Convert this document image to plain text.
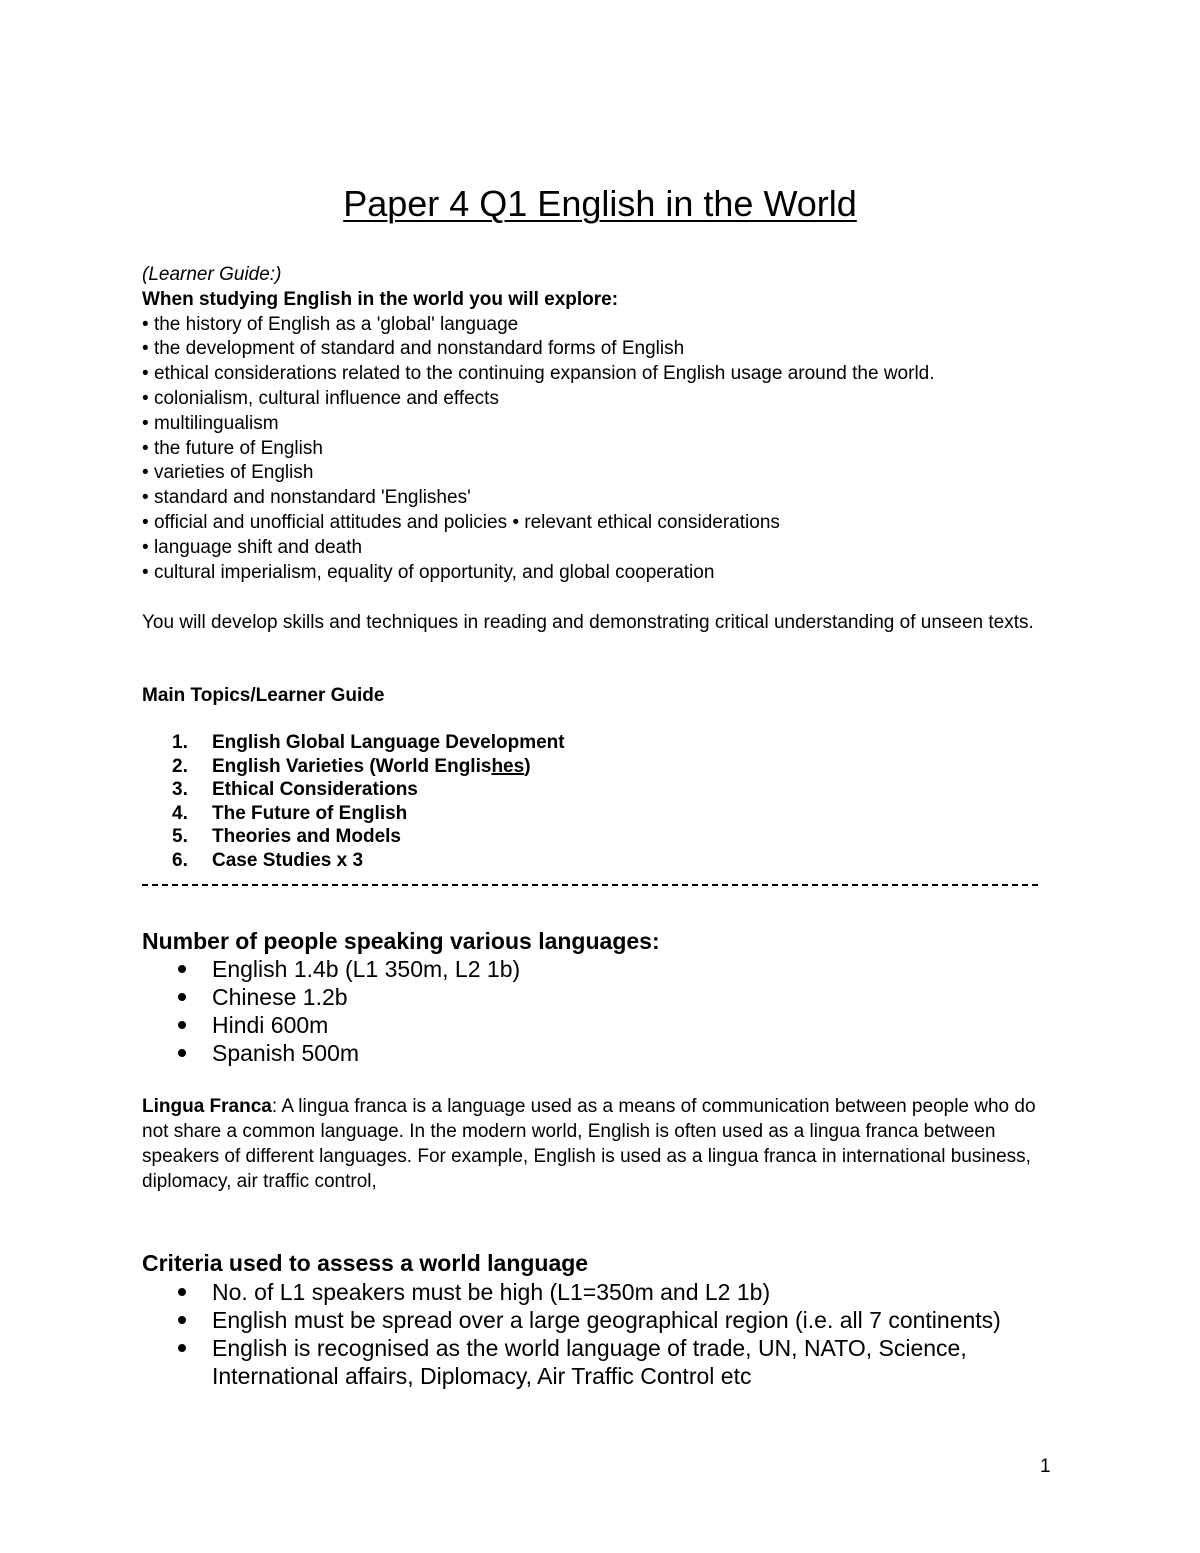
Paper 4 Q1 English in the World

(Learner Guide:)

When studying English in the world you will explore:

• the history of English as a 'global' language
• the development of standard and nonstandard forms of English
• ethical considerations related to the continuing expansion of English usage around the world.
• colonialism, cultural influence and effects
• multilingualism
• the future of English
• varieties of English
• standard and nonstandard 'Englishes'
• official and unofficial attitudes and policies • relevant ethical considerations
• language shift and death
• cultural imperialism, equality of opportunity, and global cooperation

You will develop skills and techniques in reading and demonstrating critical understanding of unseen texts.

Main Topics/Learner Guide

1.	English Global Language Development
2.	English Varieties (World Englishes)
3.	Ethical Considerations
4.	The Future of English
5.	Theories and Models
6.	Case Studies x 3
Number of people speaking various languages:
English 1.4b (L1 350m, L2 1b)
Chinese 1.2b
Hindi 600m
Spanish 500m

Lingua Franca: A lingua franca is a language used as a means of communication between people who do not share a common language. In the modern world, English is often used as a lingua franca between speakers of different languages. For example, English is used as a lingua franca in international business, diplomacy, air traffic control,

Criteria used to assess a world language
No. of L1 speakers must be high (L1=350m and L2 1b)
English must be spread over a large geographical region (i.e. all 7 continents)
English is recognised as the world language of trade, UN, NATO, Science, International affairs, Diplomacy, Air Traffic Control etc

1
